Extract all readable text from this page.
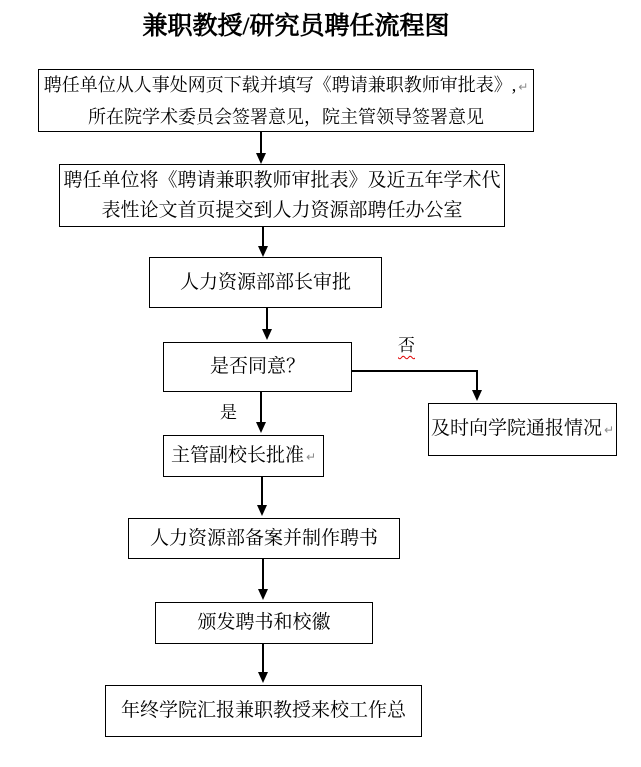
兼职教授/研究员聘任流程图
聘任单位从人事处网页下载并填写《聘请兼职教师审批表》, ↵
所在院学术委员会签署意见，院主管领导签署意见
聘任单位将《聘请兼职教师审批表》及近五年学术代
表性论文首页提交到人力资源部聘任办公室
人力资源部部长审批
是否同意？
是
否
及时向学院通报情况 ↵
主管副校长批准 ↵
人力资源部备案并制作聘书
颁发聘书和校徽
年终学院汇报兼职教授来校工作总
